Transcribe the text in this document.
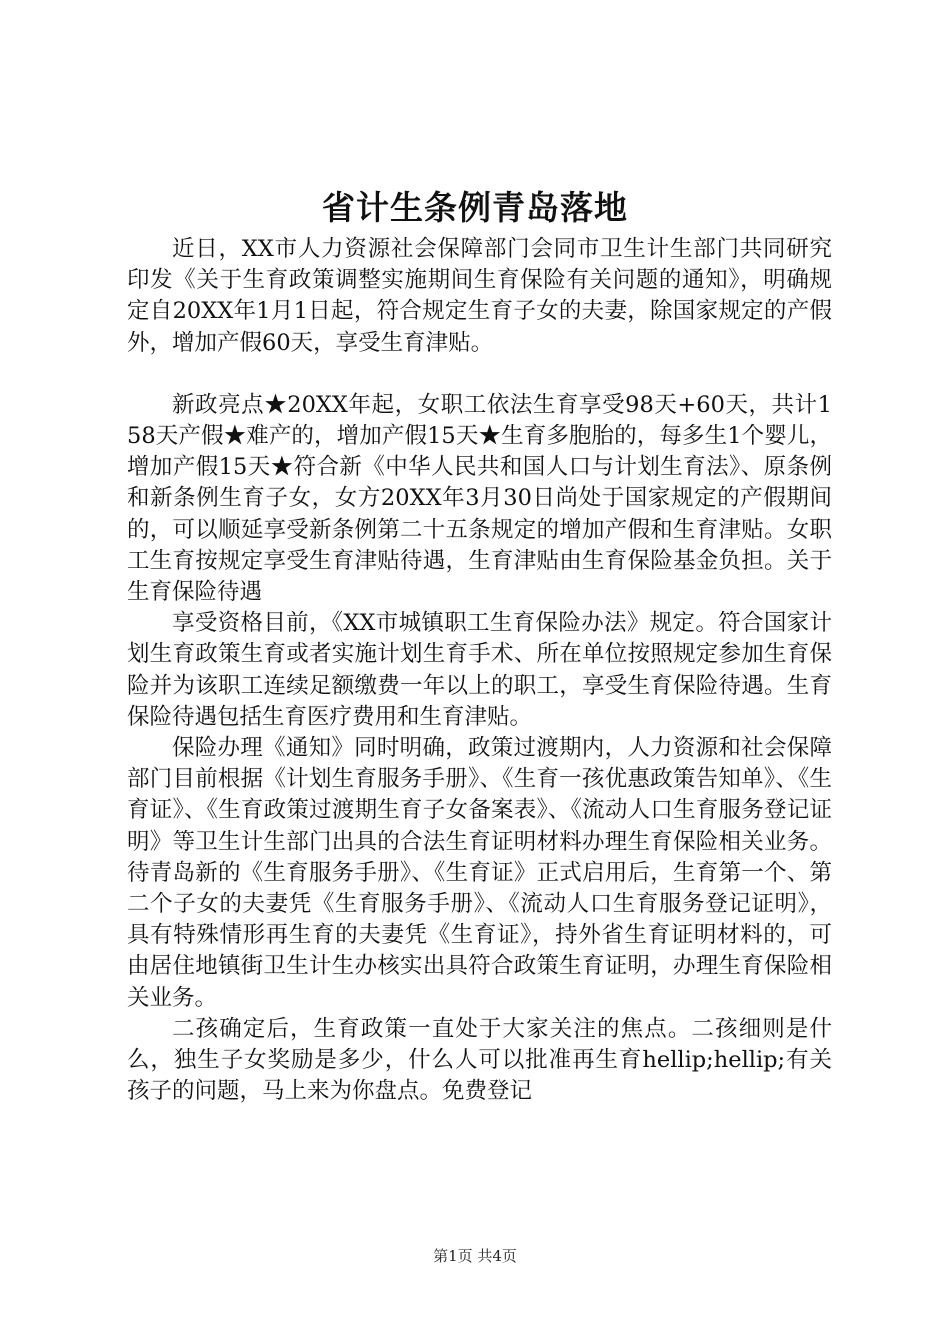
省计生条例青岛落地

近日，XX市人力资源社会保障部门会同市卫生计生部门共同研究印发《关于生育政策调整实施期间生育保险有关问题的通知》，明确规定自20XX年1月1日起，符合规定生育子女的夫妻，除国家规定的产假外，增加产假60天，享受生育津贴。

新政亮点★20XX年起，女职工依法生育享受98天+60天，共计158天产假★难产的，增加产假15天★生育多胞胎的，每多生1个婴儿，增加产假15天★符合新《中华人民共和国人口与计划生育法》、原条例和新条例生育子女，女方20XX年3月30日尚处于国家规定的产假期间的，可以顺延享受新条例第二十五条规定的增加产假和生育津贴。女职工生育按规定享受生育津贴待遇，生育津贴由生育保险基金负担。关于生育保险待遇

享受资格目前，《XX市城镇职工生育保险办法》规定。符合国家计划生育政策生育或者实施计划生育手术、所在单位按照规定参加生育保险并为该职工连续足额缴费一年以上的职工，享受生育保险待遇。生育保险待遇包括生育医疗费用和生育津贴。

保险办理《通知》同时明确，政策过渡期内，人力资源和社会保障部门目前根据《计划生育服务手册》、《生育一孩优惠政策告知单》、《生育证》、《生育政策过渡期生育子女备案表》、《流动人口生育服务登记证明》等卫生计生部门出具的合法生育证明材料办理生育保险相关业务。待青岛新的《生育服务手册》、《生育证》正式启用后，生育第一个、第二个子女的夫妻凭《生育服务手册》、《流动人口生育服务登记证明》，具有特殊情形再生育的夫妻凭《生育证》，持外省生育证明材料的，可由居住地镇街卫生计生办核实出具符合政策生育证明，办理生育保险相关业务。

二孩确定后，生育政策一直处于大家关注的焦点。二孩细则是什么，独生子女奖励是多少，什么人可以批准再生育hellip;hellip;有关孩子的问题，马上来为你盘点。免费登记

第1页 共4页
